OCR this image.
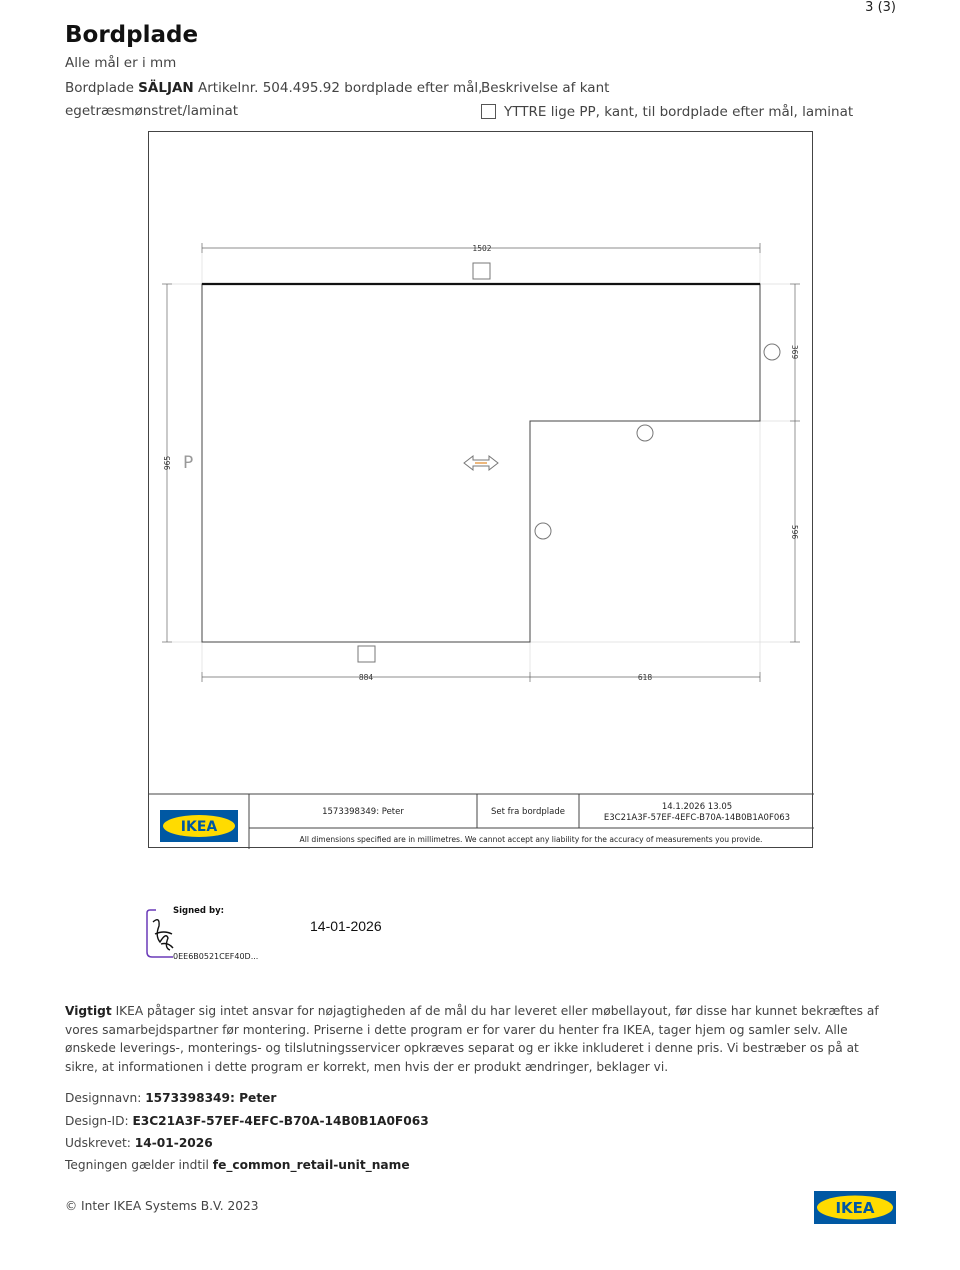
3 (3)
Bordplade
Alle mål er i mm
Bordplade SÄLJAN Artikelnr. 504.495.92 bordplade efter mål,
egetræsmønstret/laminat
Beskrivelse af kant
YTTRE lige PP, kant, til bordplade efter mål, laminat
P
1502
965
369
596
884	618
IKEA
1573398349: Peter	Set fra bordplade	14.1.2026 13.05
E3C21A3F-57EF-4EFC-B70A-14B0B1A0F063
All dimensions specified are in millimetres. We cannot accept any liability for the accuracy of measurements you provide.
Signed by:
0EE6B0521CEF40D...
14-01-2026
Vigtigt IKEA påtager sig intet ansvar for nøjagtigheden af de mål du har leveret eller møbellayout, før disse har kunnet bekræftes af vores samarbejdspartner før montering. Priserne i dette program er for varer du henter fra IKEA, tager hjem og samler selv. Alle ønskede leverings-, monterings- og tilslutningsservicer opkræves separat og er ikke inkluderet i denne pris. Vi bestræber os på at sikre, at informationen i dette program er korrekt, men hvis der er produkt ændringer, beklager vi.
Designnavn: 1573398349: Peter
Design-ID: E3C21A3F-57EF-4EFC-B70A-14B0B1A0F063
Udskrevet: 14-01-2026
Tegningen gælder indtil fe_common_retail-unit_name
© Inter IKEA Systems B.V. 2023	IKEA
